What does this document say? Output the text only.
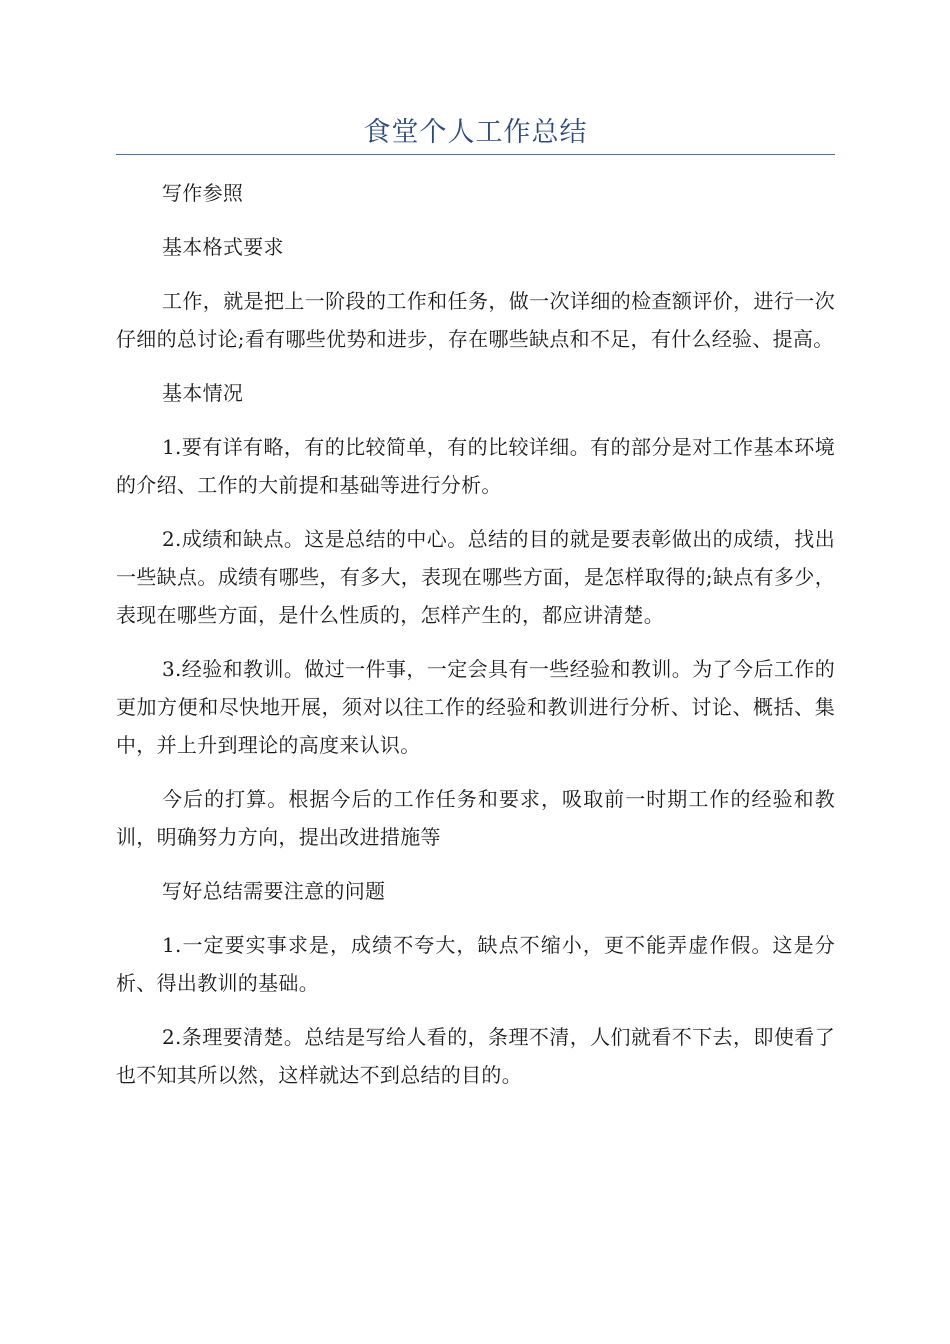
食堂个人工作总结

写作参照

基本格式要求

工作，就是把上一阶段的工作和任务，做一次详细的检查额评价，进行一次仔细的总讨论;看有哪些优势和进步，存在哪些缺点和不足，有什么经验、提高。

基本情况

1.要有详有略，有的比较简单，有的比较详细。有的部分是对工作基本环境的介绍、工作的大前提和基础等进行分析。

2.成绩和缺点。这是总结的中心。总结的目的就是要表彰做出的成绩，找出一些缺点。成绩有哪些，有多大，表现在哪些方面，是怎样取得的;缺点有多少，表现在哪些方面，是什么性质的，怎样产生的，都应讲清楚。

3.经验和教训。做过一件事，一定会具有一些经验和教训。为了今后工作的更加方便和尽快地开展，须对以往工作的经验和教训进行分析、讨论、概括、集中，并上升到理论的高度来认识。

今后的打算。根据今后的工作任务和要求，吸取前一时期工作的经验和教训，明确努力方向，提出改进措施等

写好总结需要注意的问题

1.一定要实事求是，成绩不夸大，缺点不缩小，更不能弄虚作假。这是分析、得出教训的基础。

2.条理要清楚。总结是写给人看的，条理不清，人们就看不下去，即使看了也不知其所以然，这样就达不到总结的目的。
